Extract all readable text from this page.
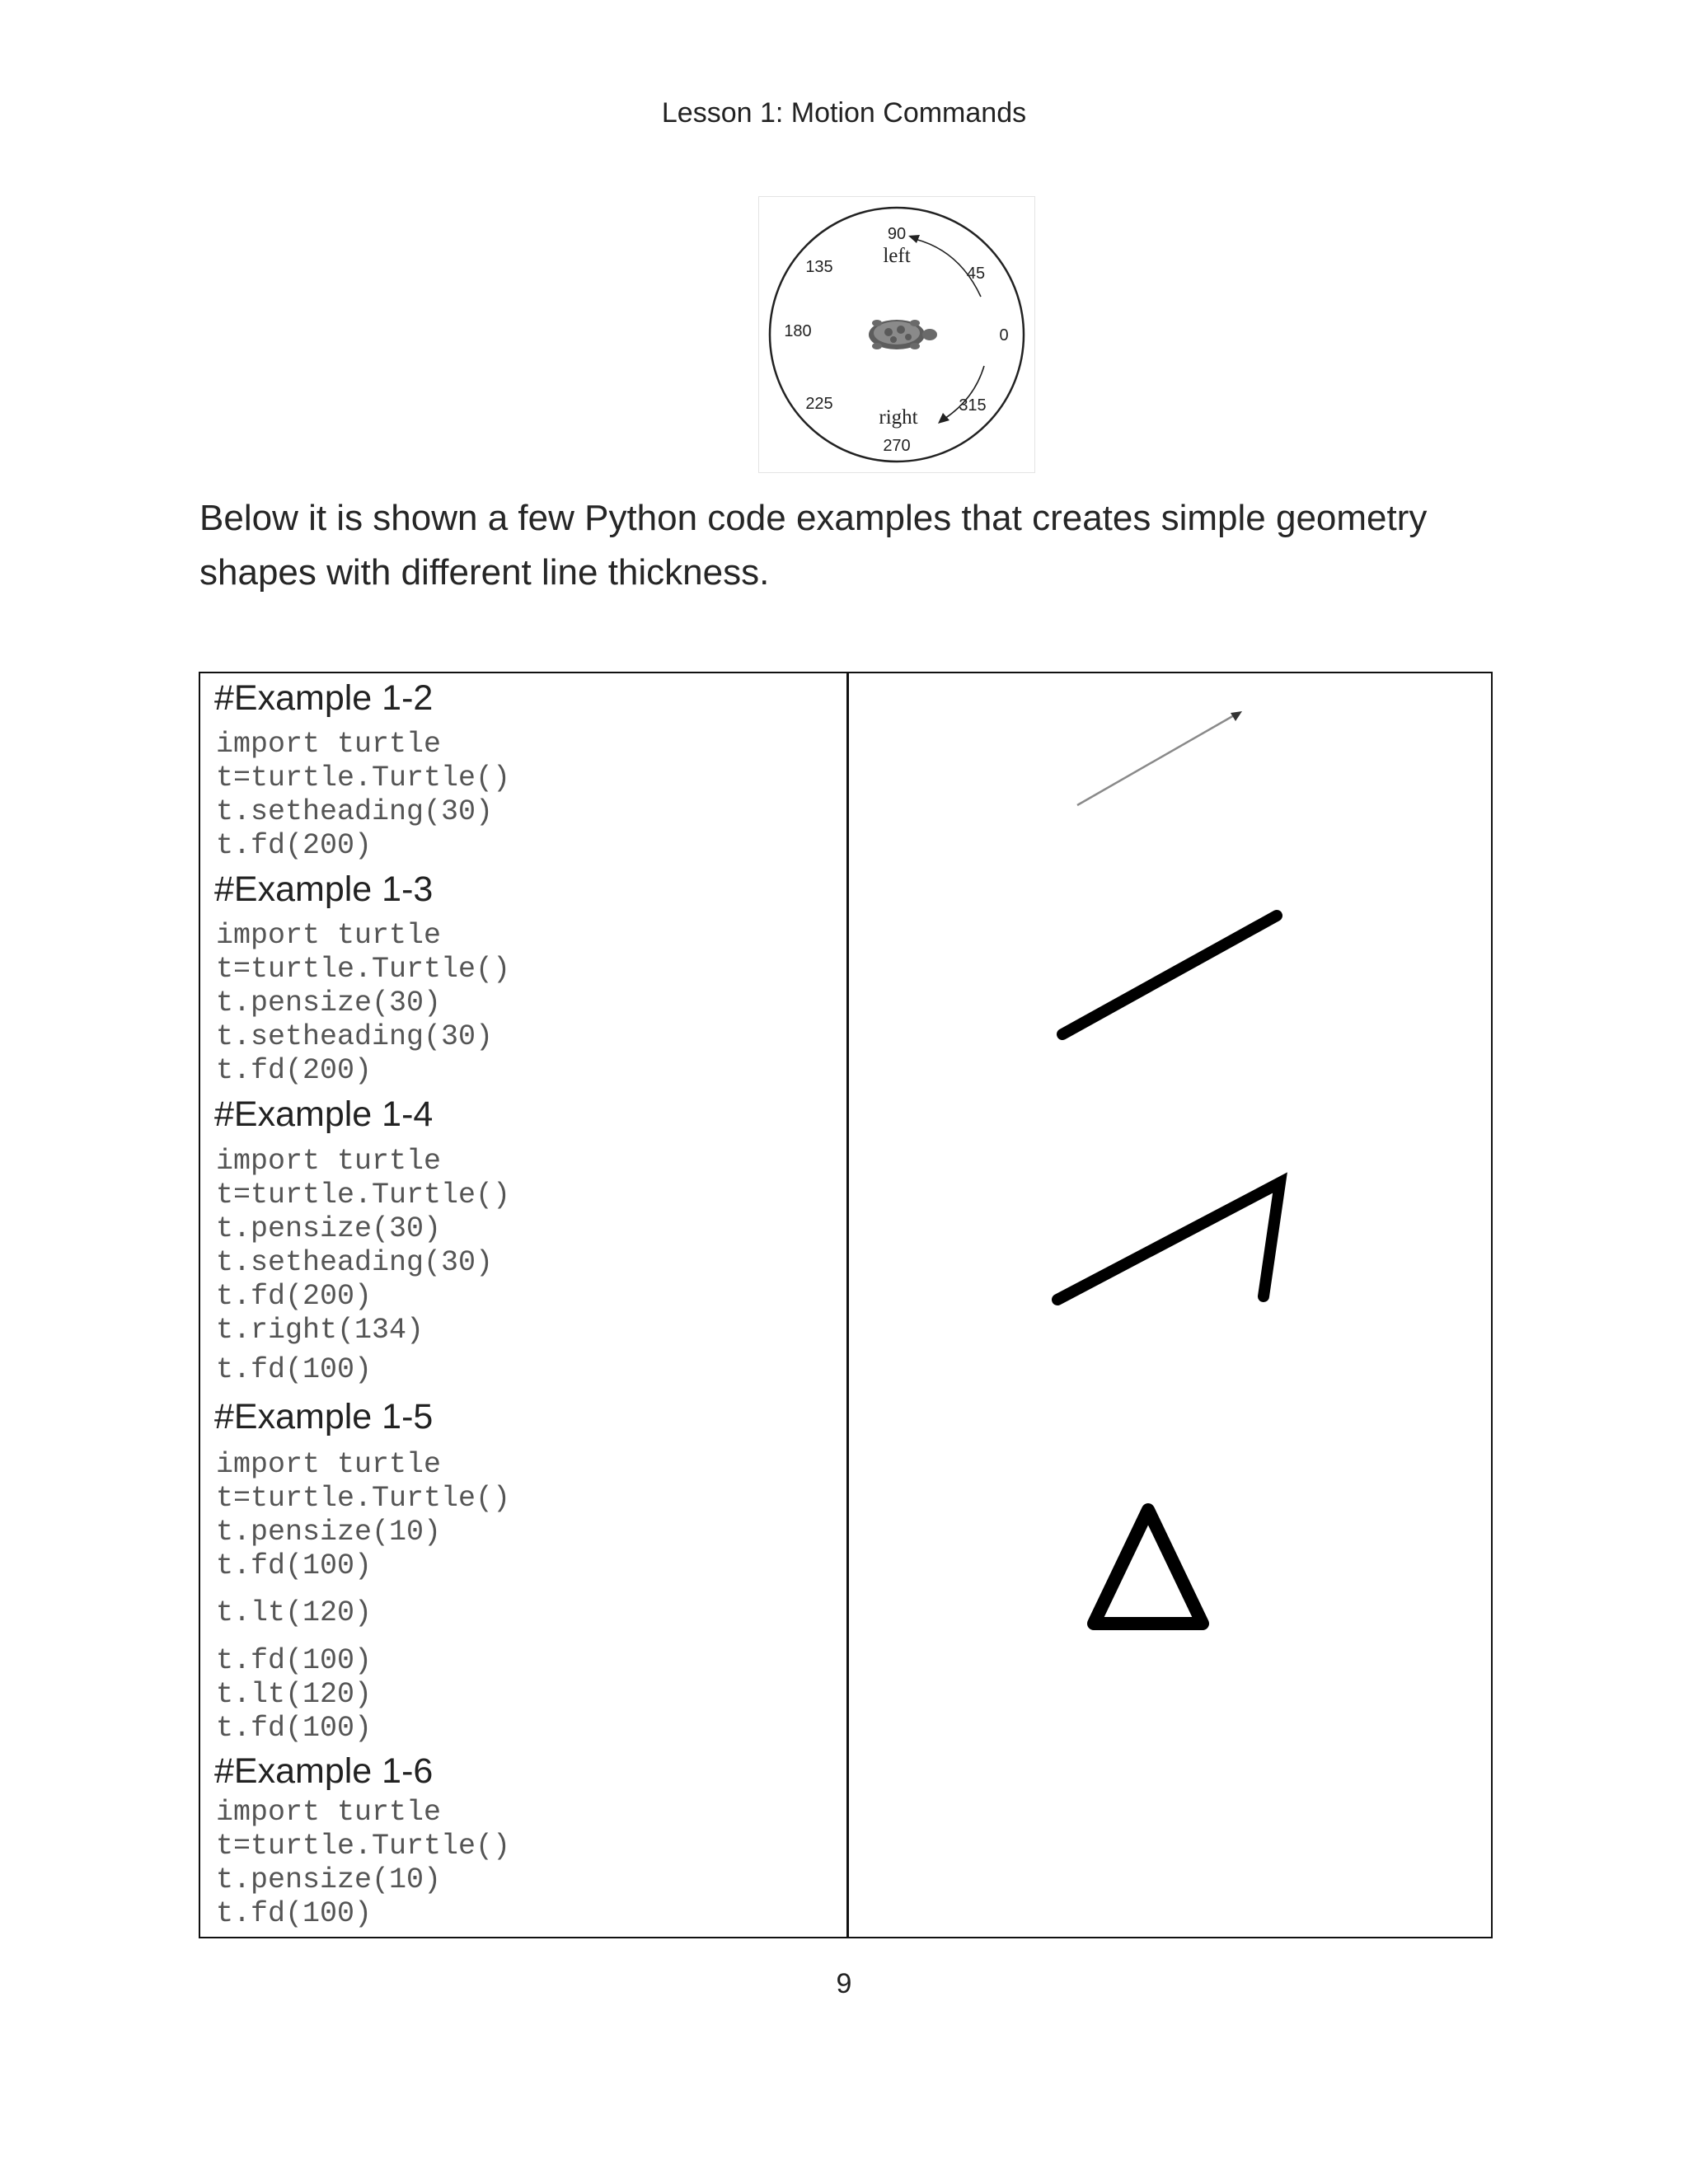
Lesson 1: Motion Commands
90
45
0
315
270
225
180
135 left
right
Below it is shown a few Python code examples that creates simple geometry shapes with different line thickness.
#Example 1-2
import turtle
t=turtle.Turtle()
t.setheading(30)
t.fd(200)
#Example 1-3
import turtle
t=turtle.Turtle()
t.pensize(30)
t.setheading(30)
t.fd(200)
#Example 1-4
import turtle
t=turtle.Turtle()
t.pensize(30)
t.setheading(30)
t.fd(200)
t.right(134)
t.fd(100)
#Example 1-5
import turtle
t=turtle.Turtle()
t.pensize(10)
t.fd(100)
t.lt(120)
t.fd(100)
t.lt(120)
t.fd(100)
#Example 1-6
import turtle
t=turtle.Turtle()
t.pensize(10)
t.fd(100)
9
